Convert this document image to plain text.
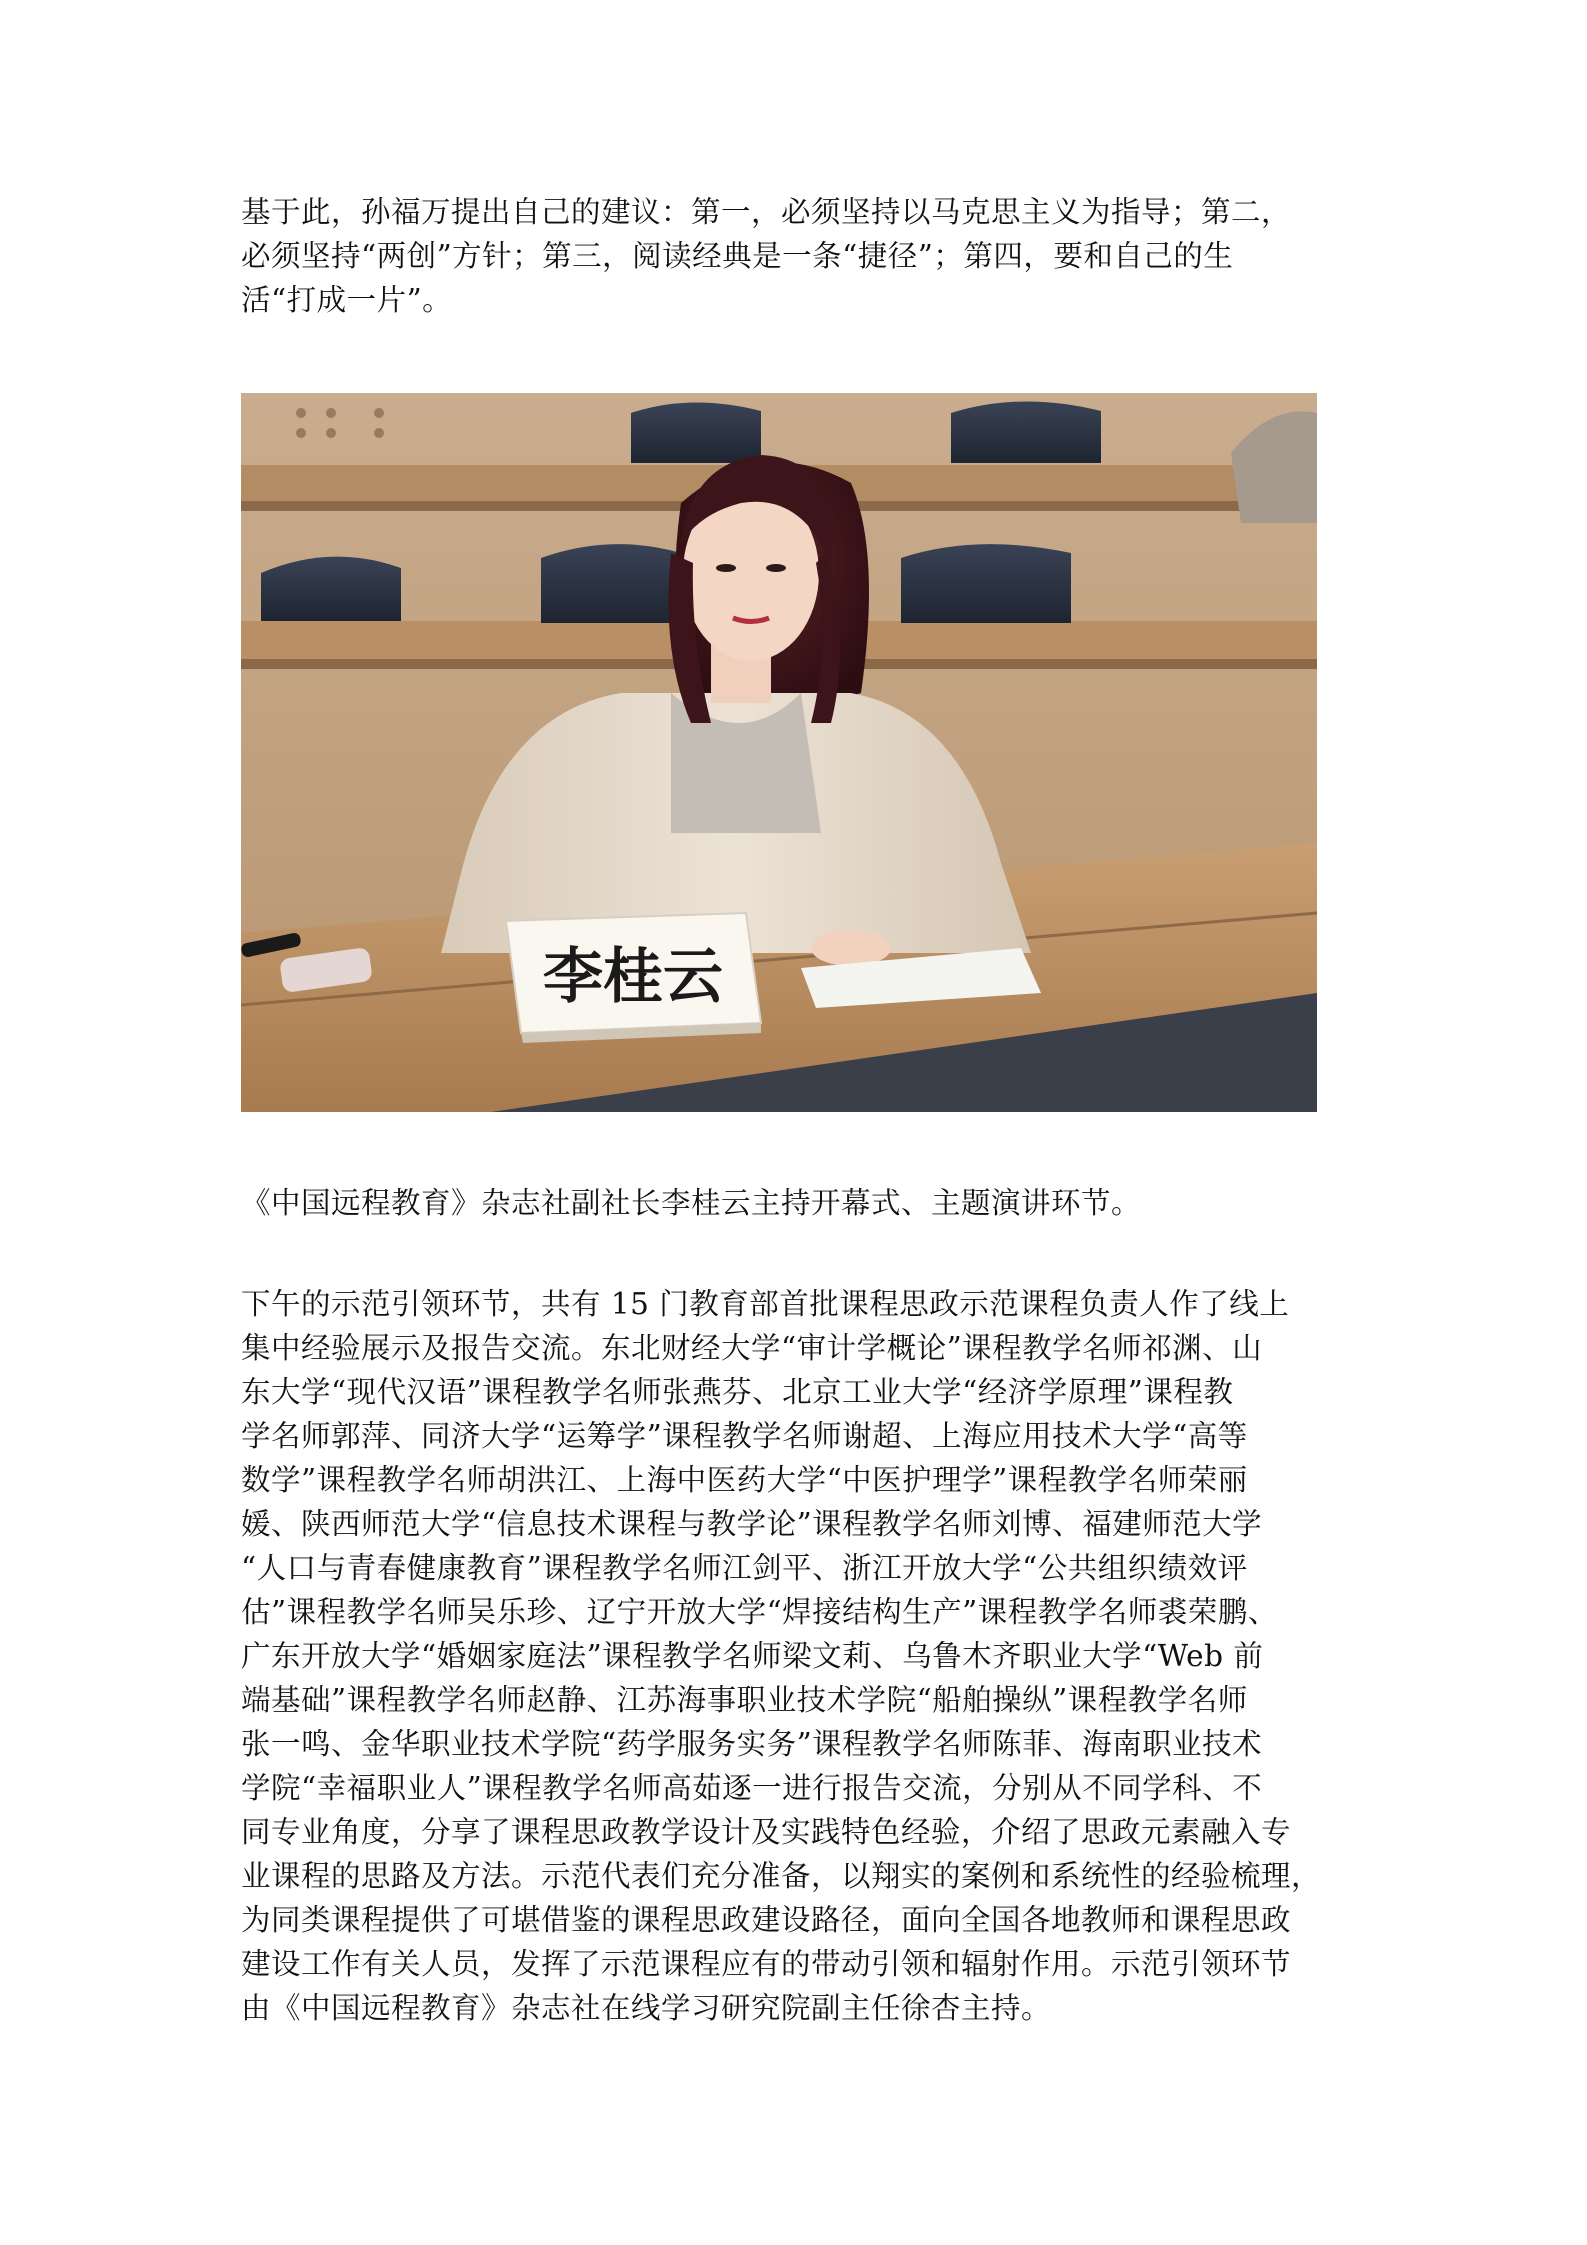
基于此，孙福万提出自己的建议：第一，必须坚持以马克思主义为指导；第二，
必须坚持“两创”方针；第三，阅读经典是一条“捷径”；第四，要和自己的生
活“打成一片”。

李桂云

《中国远程教育》杂志社副社长李桂云主持开幕式、主题演讲环节。

下午的示范引领环节，共有 15 门教育部首批课程思政示范课程负责人作了线上
集中经验展示及报告交流。东北财经大学“审计学概论”课程教学名师祁渊、山
东大学“现代汉语”课程教学名师张燕芬、北京工业大学“经济学原理”课程教
学名师郭萍、同济大学“运筹学”课程教学名师谢超、上海应用技术大学“高等
数学”课程教学名师胡洪江、上海中医药大学“中医护理学”课程教学名师荣丽
媛、陕西师范大学“信息技术课程与教学论”课程教学名师刘博、福建师范大学
“人口与青春健康教育”课程教学名师江剑平、浙江开放大学“公共组织绩效评
估”课程教学名师吴乐珍、辽宁开放大学“焊接结构生产”课程教学名师裘荣鹏、
广东开放大学“婚姻家庭法”课程教学名师梁文莉、乌鲁木齐职业大学“Web 前
端基础”课程教学名师赵静、江苏海事职业技术学院“船舶操纵”课程教学名师
张一鸣、金华职业技术学院“药学服务实务”课程教学名师陈菲、海南职业技术
学院“幸福职业人”课程教学名师高茹逐一进行报告交流，分别从不同学科、不
同专业角度，分享了课程思政教学设计及实践特色经验，介绍了思政元素融入专
业课程的思路及方法。示范代表们充分准备，以翔实的案例和系统性的经验梳理，
为同类课程提供了可堪借鉴的课程思政建设路径，面向全国各地教师和课程思政
建设工作有关人员，发挥了示范课程应有的带动引领和辐射作用。示范引领环节
由《中国远程教育》杂志社在线学习研究院副主任徐杏主持。
